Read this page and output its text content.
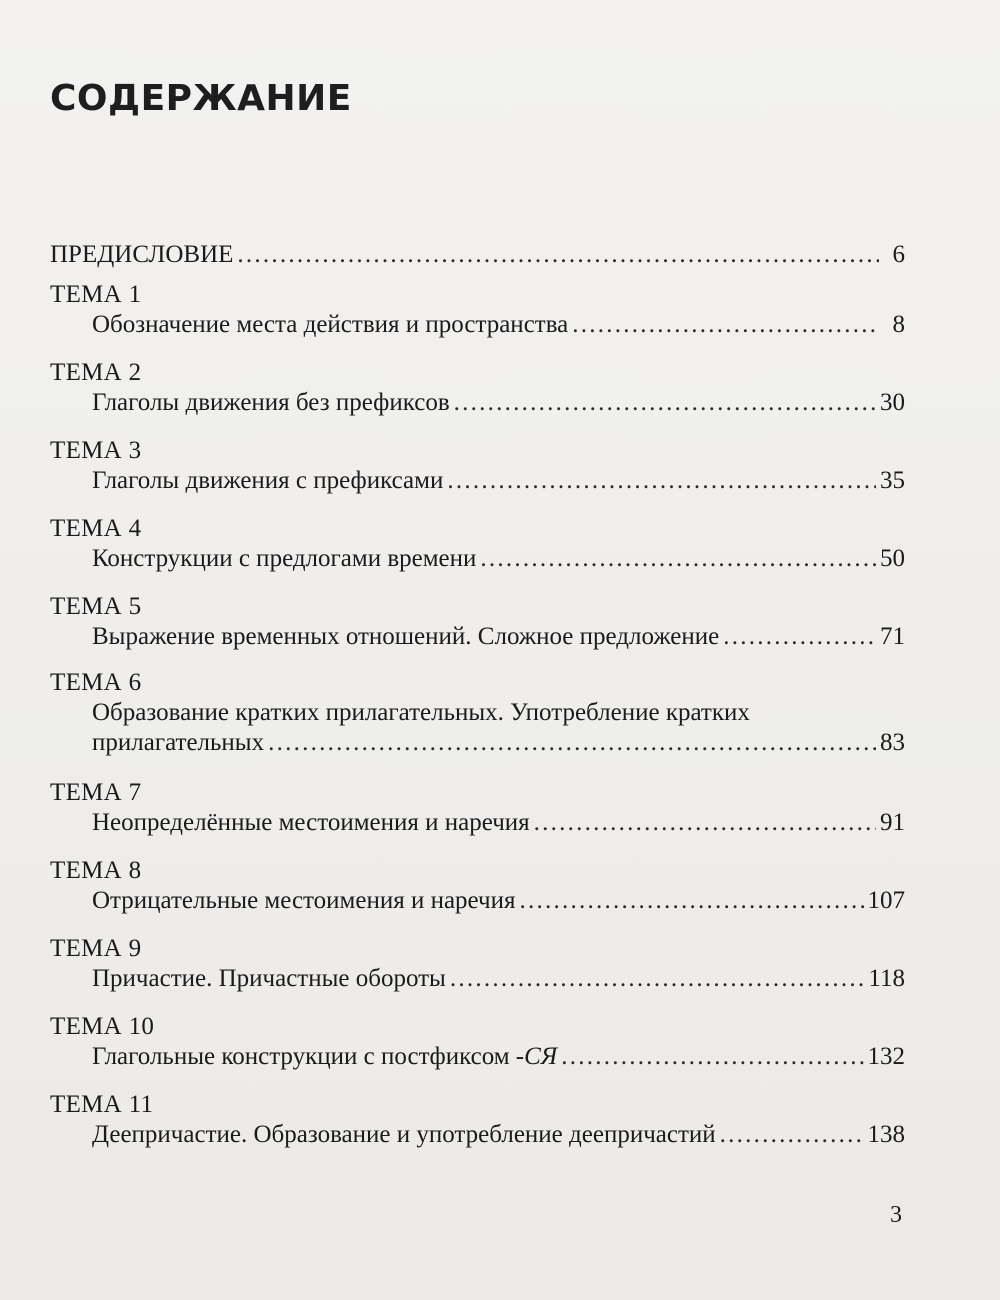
СОДЕРЖАНИЕ
ПРЕДИСЛОВИЕ . . .	6
ТЕМА 1
Обозначение места действия и пространства . . .	8
ТЕМА 2
Глаголы движения без префиксов . . .	30
ТЕМА 3
Глаголы движения с префиксами . . .	35
ТЕМА 4
Конструкции с предлогами времени . . .	50
ТЕМА 5
Выражение временных отношений. Сложное предложение . . .	71
ТЕМА 6
Образование кратких прилагательных. Употребление кратких
прилагательных . . .	83
ТЕМА 7
Неопределённые местоимения и наречия . . .	91
ТЕМА 8
Отрицательные местоимения и наречия . . .	107
ТЕМА 9
Причастие. Причастные обороты . . .	118
ТЕМА 10
Глагольные конструкции с постфиксом -СЯ . . .	132
ТЕМА 11
Деепричастие. Образование и употребление деепричастий . . .	138
3
